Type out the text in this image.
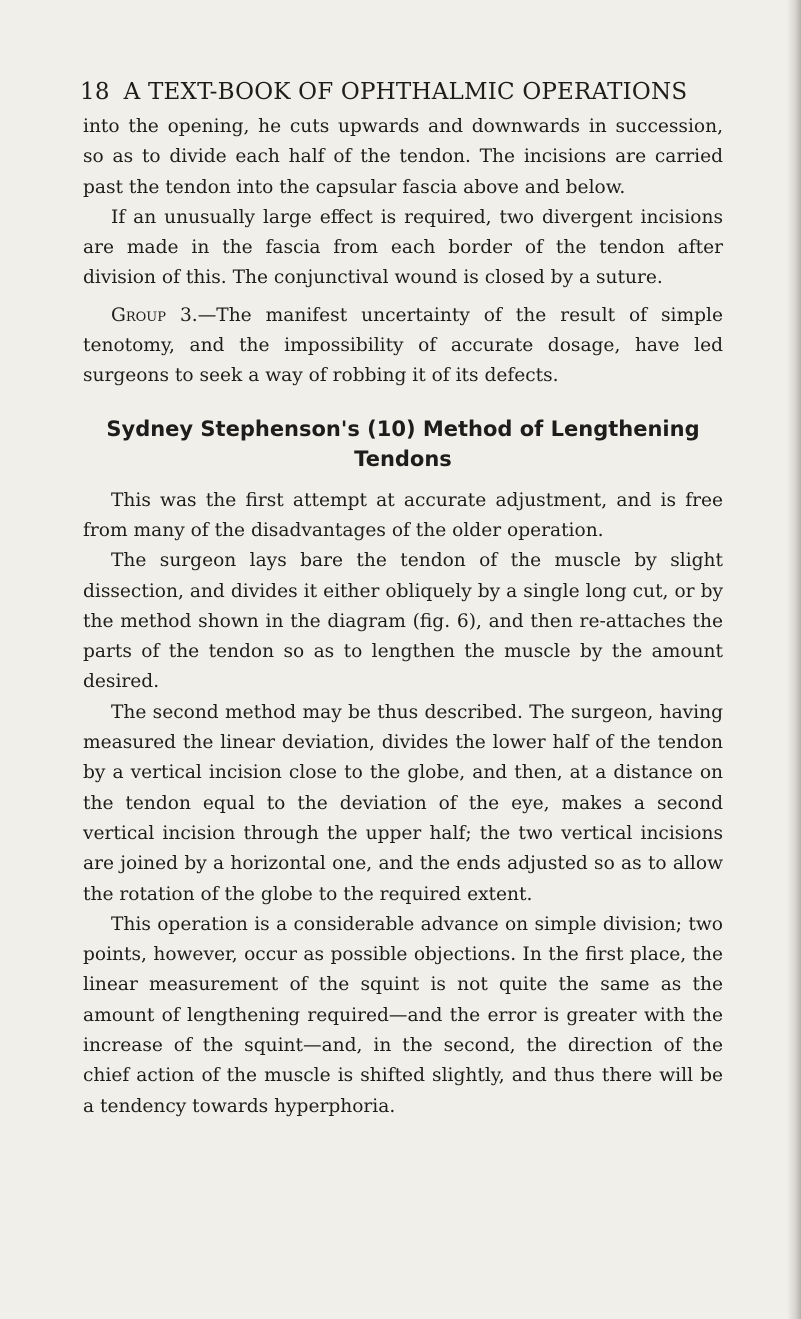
18 A TEXT-BOOK OF OPHTHALMIC OPERATIONS

into the opening, he cuts upwards and downwards in succession, so as to divide each half of the tendon. The incisions are carried past the tendon into the capsular fascia above and below.

If an unusually large effect is required, two divergent incisions are made in the fascia from each border of the tendon after division of this. The conjunctival wound is closed by a suture.

Group 3.—The manifest uncertainty of the result of simple tenotomy, and the impossibility of accurate dosage, have led surgeons to seek a way of robbing it of its defects.

Sydney Stephenson's (10) Method of Lengthening
Tendons

This was the first attempt at accurate adjustment, and is free from many of the disadvantages of the older operation.

The surgeon lays bare the tendon of the muscle by slight dissection, and divides it either obliquely by a single long cut, or by the method shown in the diagram (fig. 6), and then re-attaches the parts of the tendon so as to lengthen the muscle by the amount desired.

The second method may be thus described. The surgeon, having measured the linear deviation, divides the lower half of the tendon by a vertical incision close to the globe, and then, at a distance on the tendon equal to the deviation of the eye, makes a second vertical incision through the upper half; the two vertical incisions are joined by a horizontal one, and the ends adjusted so as to allow the rotation of the globe to the required extent.

This operation is a considerable advance on simple division; two points, however, occur as possible objections. In the first place, the linear measurement of the squint is not quite the same as the amount of lengthening required—and the error is greater with the increase of the squint—and, in the second, the direction of the chief action of the muscle is shifted slightly, and thus there will be a tendency towards hyperphoria.
